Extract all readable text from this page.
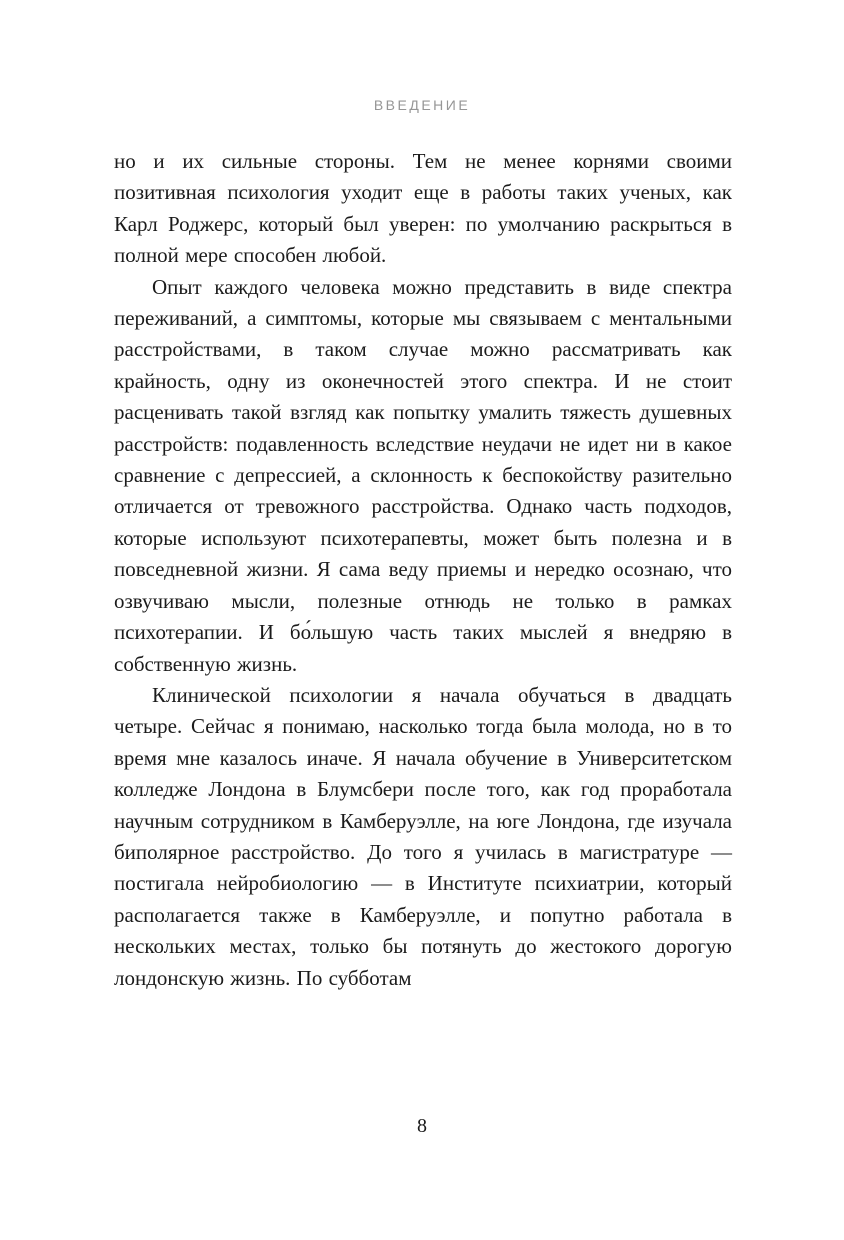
ВВЕДЕНИЕ

но и их сильные стороны. Тем не менее корнями своими позитивная психология уходит еще в работы таких ученых, как Карл Роджерс, который был уверен: по умолчанию раскрыться в полной мере способен любой.

Опыт каждого человека можно представить в виде спектра переживаний, а симптомы, которые мы связываем с ментальными расстройствами, в таком случае можно рассматривать как крайность, одну из оконечностей этого спектра. И не стоит расценивать такой взгляд как попытку умалить тяжесть душевных расстройств: подавленность вследствие неудачи не идет ни в какое сравнение с депрессией, а склонность к беспокойству разительно отличается от тревожного расстройства. Однако часть подходов, которые используют психотерапевты, может быть полезна и в повседневной жизни. Я сама веду приемы и нередко осознаю, что озвучиваю мысли, полезные отнюдь не только в рамках психотерапии. И бо́льшую часть таких мыслей я внедряю в собственную жизнь.

Клинической психологии я начала обучаться в двадцать четыре. Сейчас я понимаю, насколько тогда была молода, но в то время мне казалось иначе. Я начала обучение в Университетском колледже Лондона в Блумсбери после того, как год проработала научным сотрудником в Камберуэлле, на юге Лондона, где изучала биполярное расстройство. До того я училась в магистратуре — постигала нейробиологию — в Институте психиатрии, который располагается также в Камберуэлле, и попутно работала в нескольких местах, только бы потянуть до жестокого дорогую лондонскую жизнь. По субботам

8
